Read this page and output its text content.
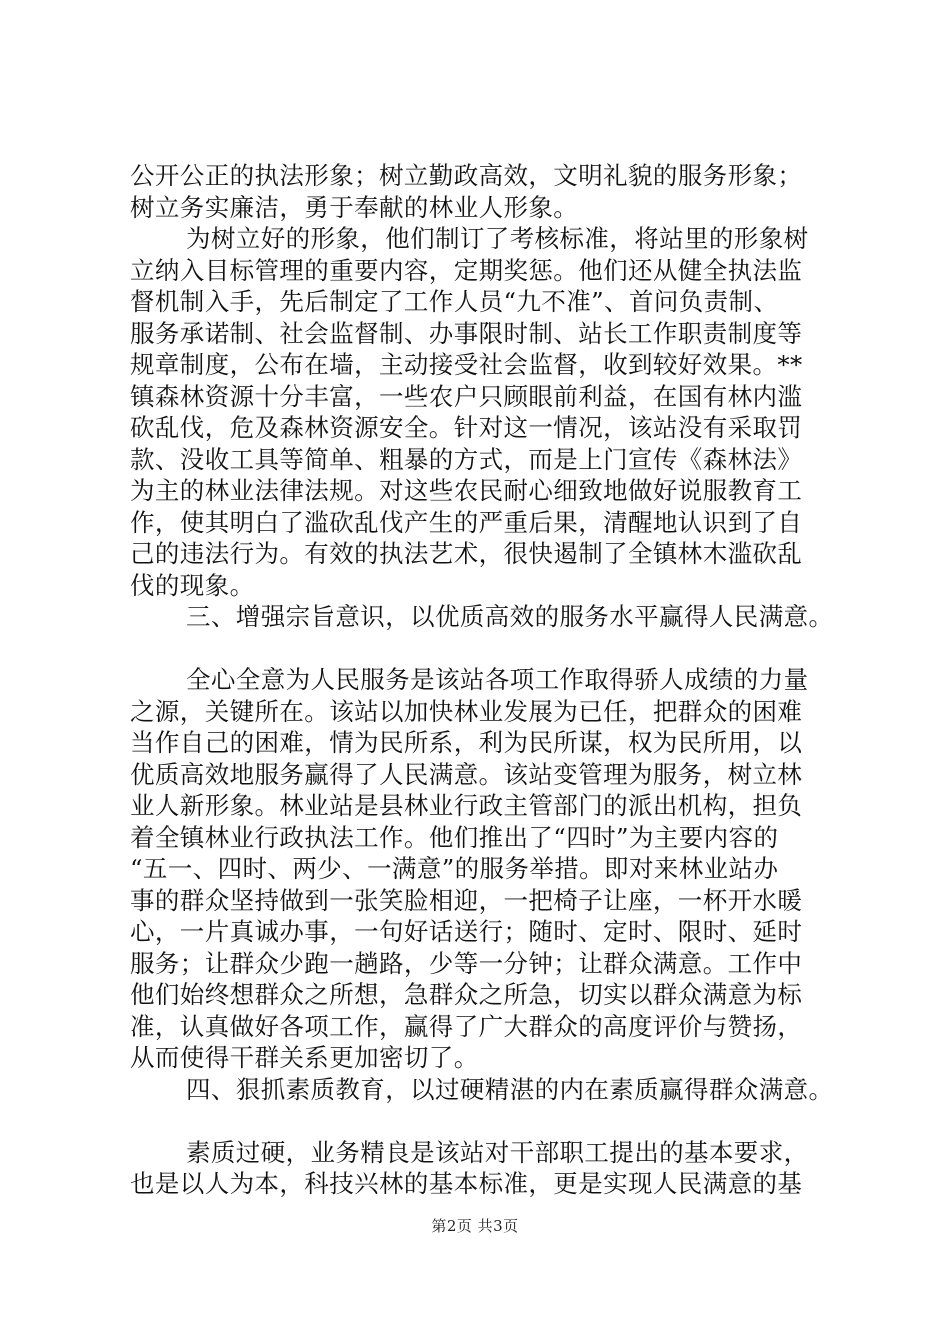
公开公正的执法形象；树立勤政高效，文明礼貌的服务形象；
树立务实廉洁，勇于奉献的林业人形象。
为树立好的形象，他们制订了考核标准，将站里的形象树
立纳入目标管理的重要内容，定期奖惩。他们还从健全执法监
督机制入手，先后制定了工作人员“九不准”、首问负责制、
服务承诺制、社会监督制、办事限时制、站长工作职责制度等
规章制度，公布在墙，主动接受社会监督，收到较好效果。**
镇森林资源十分丰富，一些农户只顾眼前利益，在国有林内滥
砍乱伐，危及森林资源安全。针对这一情况，该站没有采取罚
款、没收工具等简单、粗暴的方式，而是上门宣传《森林法》
为主的林业法律法规。对这些农民耐心细致地做好说服教育工
作，使其明白了滥砍乱伐产生的严重后果，清醒地认识到了自
己的违法行为。有效的执法艺术，很快遏制了全镇林木滥砍乱
伐的现象。
三、增强宗旨意识，以优质高效的服务水平赢得人民满意。
全心全意为人民服务是该站各项工作取得骄人成绩的力量
之源，关键所在。该站以加快林业发展为已任，把群众的困难
当作自己的困难，情为民所系，利为民所谋，权为民所用，以
优质高效地服务赢得了人民满意。该站变管理为服务，树立林
业人新形象。林业站是县林业行政主管部门的派出机构，担负
着全镇林业行政执法工作。他们推出了“四时”为主要内容的
“五一、四时、两少、一满意”的服务举措。即对来林业站办
事的群众坚持做到一张笑脸相迎，一把椅子让座，一杯开水暖
心，一片真诚办事，一句好话送行；随时、定时、限时、延时
服务；让群众少跑一趟路，少等一分钟；让群众满意。工作中
他们始终想群众之所想，急群众之所急，切实以群众满意为标
准，认真做好各项工作，赢得了广大群众的高度评价与赞扬，
从而使得干群关系更加密切了。
四、狠抓素质教育，以过硬精湛的内在素质赢得群众满意。
素质过硬，业务精良是该站对干部职工提出的基本要求，
也是以人为本，科技兴林的基本标准，更是实现人民满意的基
第2页 共3页
